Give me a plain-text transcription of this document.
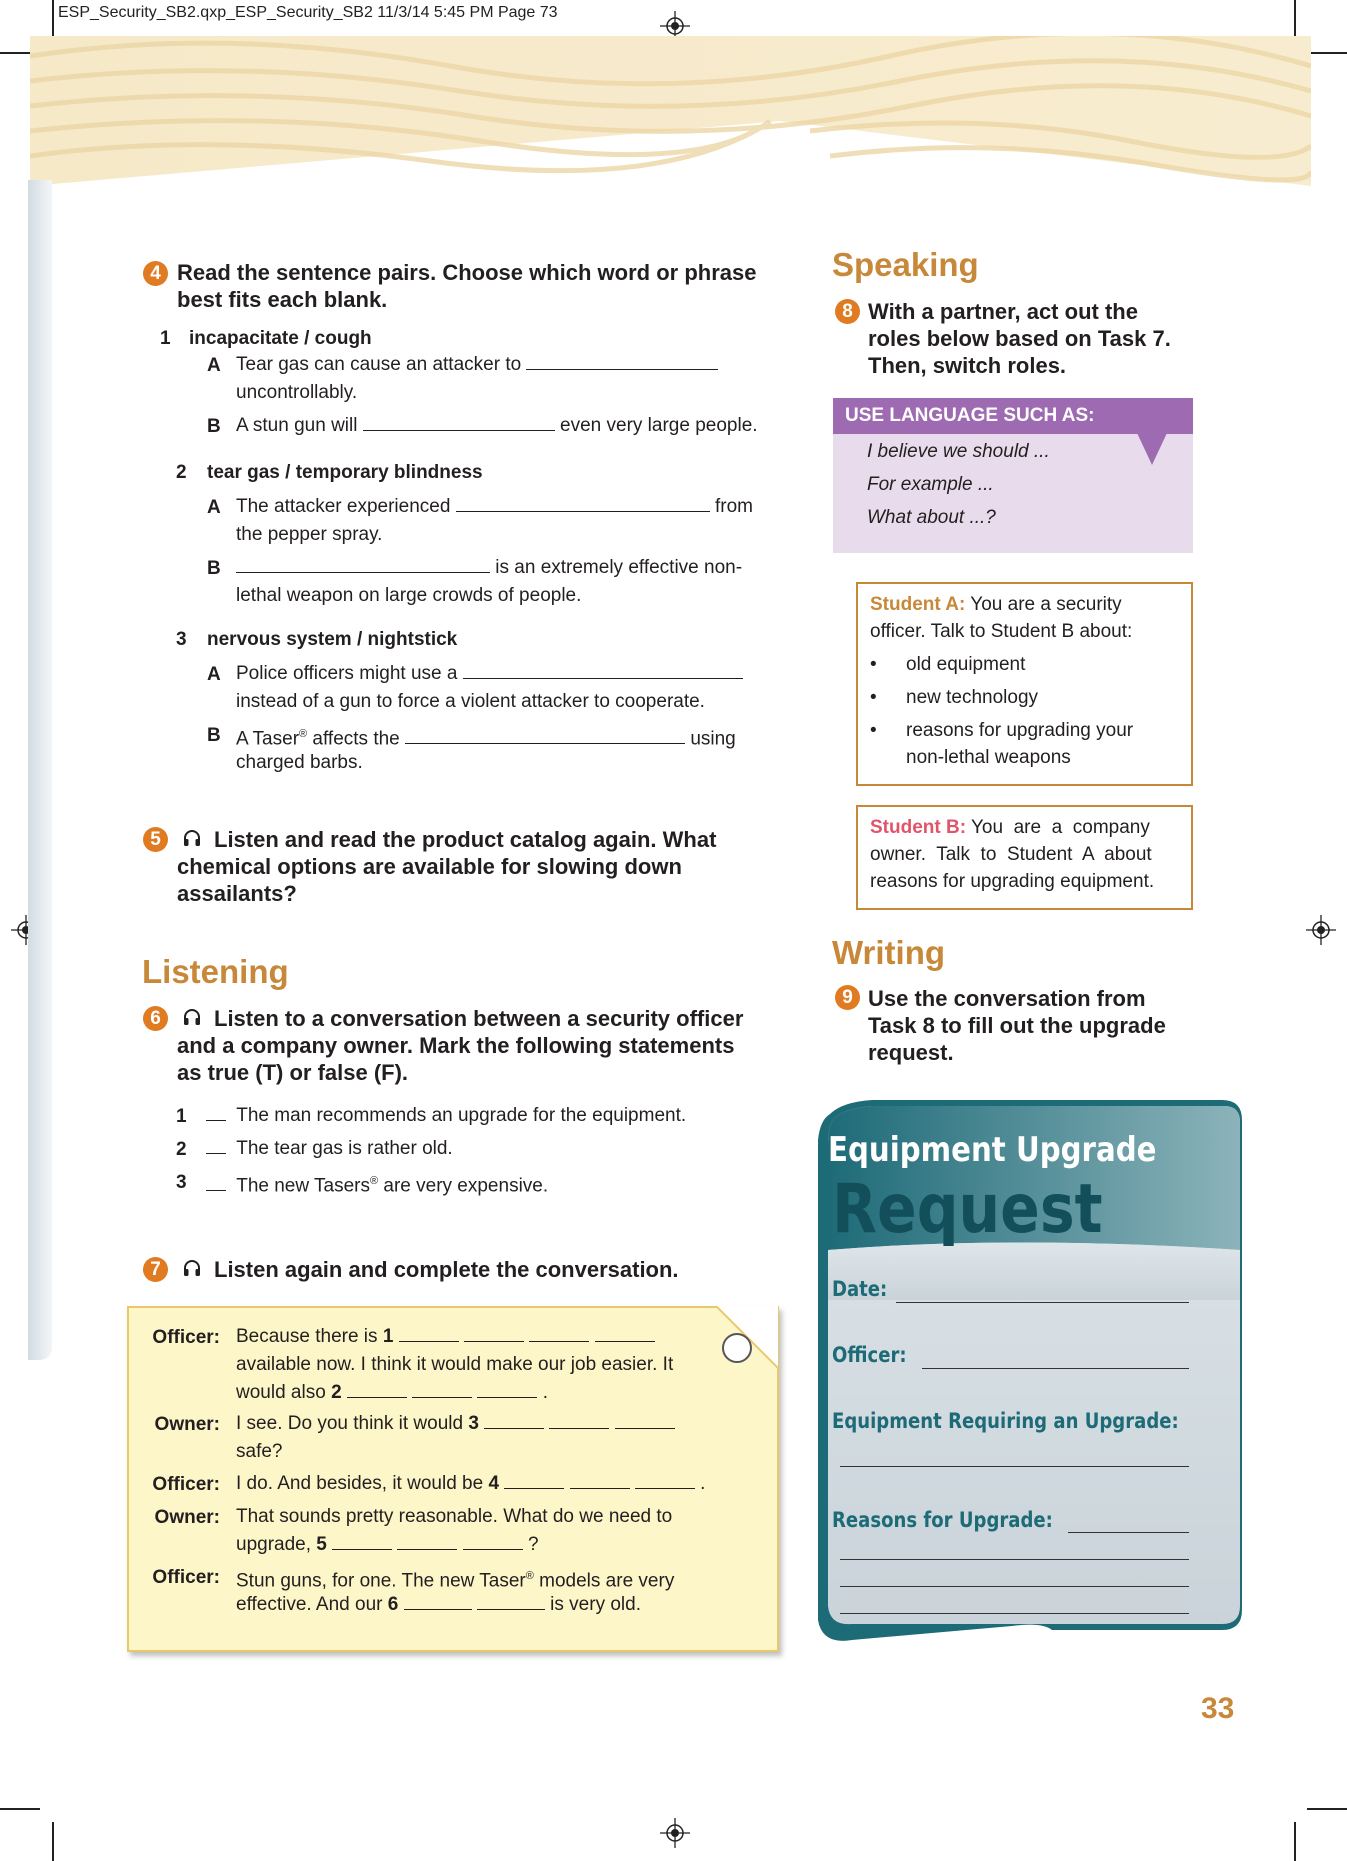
ESP_Security_SB2.qxp_ESP_Security_SB2 11/3/14 5:45 PM Page 73
4 Read the sentence pairs. Choose which word or phrase
best fits each blank.
1 incapacitate / cough
A Tear gas can cause an attacker to
uncontrollably.
B A stun gun will	even very large people.
2 tear gas / temporary blindness
A The attacker experienced	from
the pepper spray.
B	is an extremely effective non-
lethal weapon on large crowds of people.
3 nervous system / nightstick
A Police officers might use a
instead of a gun to force a violent attacker to cooperate.
B A Taser® affects the	using
charged barbs.
5	Listen and read the product catalog again. What
chemical options are available for slowing down
assailants?
Listening
6	Listen to a conversation between a security officer
and a company owner. Mark the following statements
as true (T) or false (F).
1	The man recommends an upgrade for the equipment.
2	The tear gas is rather old.
3	The new Tasers® are very expensive.
7	Listen again and complete the conversation.
Officer: Because there is 1
available now. I think it would make our job easier. It
would also 2	.
Owner: I see. Do you think it would 3
safe?
Officer: I do. And besides, it would be 4	.
Owner: That sounds pretty reasonable. What do we need to
upgrade, 5	?
Officer: Stun guns, for one. The new Taser® models are very
effective. And our 6	is very old.
Speaking
8 With a partner, act out the
roles below based on Task 7.
Then, switch roles.
USE LANGUAGE SUCH AS:
I believe we should ...
For example ...
What about ...?
Student A: You are a security
officer. Talk to Student B about:
• old equipment
• new technology
• reasons for upgrading your
non-lethal weapons
Student B: You  are  a  company
owner.  Talk  to  Student  A  about
reasons for upgrading equipment.
Writing
9 Use the conversation from
Task 8 to fill out the upgrade
request.
Equipment Upgrade
Request
Date:
Officer:
Equipment Requiring an Upgrade:
Reasons for Upgrade:
33
